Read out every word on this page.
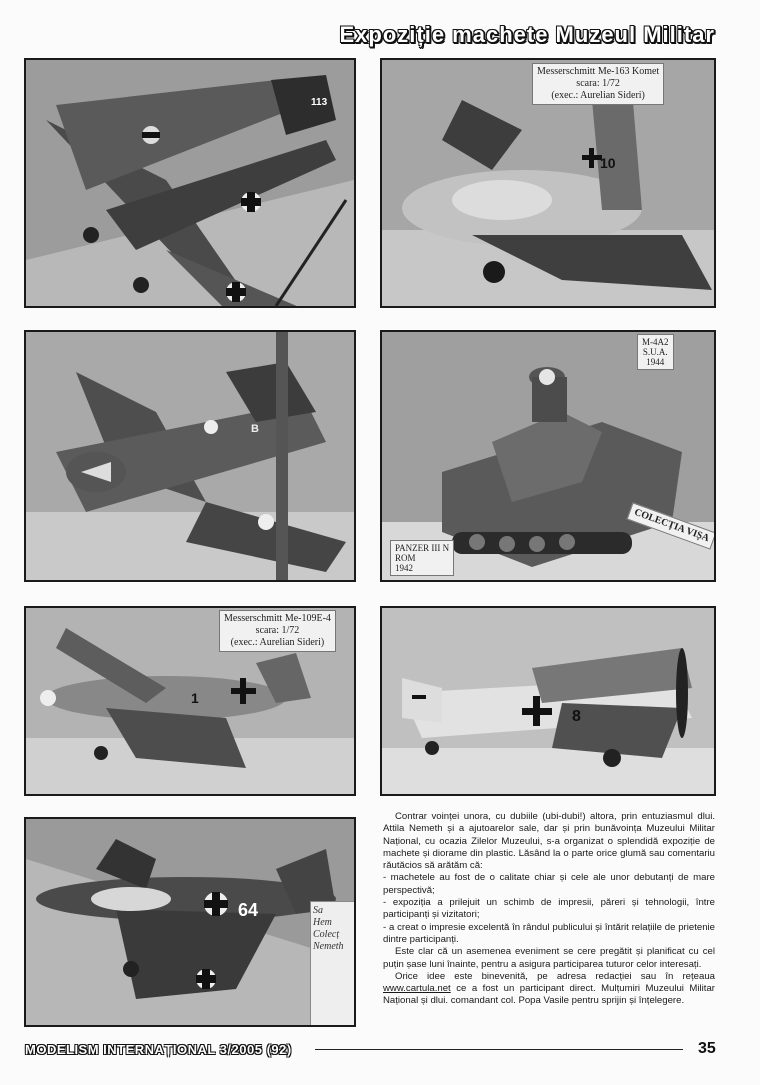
Expoziție machete Muzeul Militar
113
10
Messerschmitt Me-163 Komet
scara: 1/72
(exec.: Aurelian Sideri)
B
M-4A2
S.U.A.
1944
COLECȚIA VIȘA
PANZER III N
ROM
1942
1
Messerschmitt Me-109E-4
scara: 1/72
(exec.: Aurelian Sideri)
8
64	Sa
Hem
Colecț
Nemeth

Contrar voinței unora, cu dubiile (ubi-dubi!) altora, prin entuziasmul dlui. Attila Nemeth și a ajutoarelor sale, dar și prin bunăvoința Muzeului Militar Național, cu ocazia Zilelor Muzeului, s-a organizat o splendidă expoziție de machete și diorame din plastic. Lăsând la o parte orice glumă sau comentariu răutăcios să arătăm că:

- machetele au fost de o calitate chiar și cele ale unor debutanți de mare perspectivă;

- expoziția a prilejuit un schimb de impresii, păreri și tehnologii, între participanți și vizitatori;

- a creat o impresie excelentă în rândul publicului și întărit relațiile de prietenie dintre participanți.

Este clar că un asemenea eveniment se cere pregătit și planificat cu cel puțin șase luni înainte, pentru a asigura participarea tuturor celor interesați.

Orice idee este binevenită, pe adresa redacției sau în rețeaua www.cartula.net ce a fost un participant direct. Mulțumiri Muzeului Militar Național și dlui. comandant col. Popa Vasile pentru sprijin și înțelegere.

MODELISM INTERNAȚIONAL 3/2005 (92)	35
